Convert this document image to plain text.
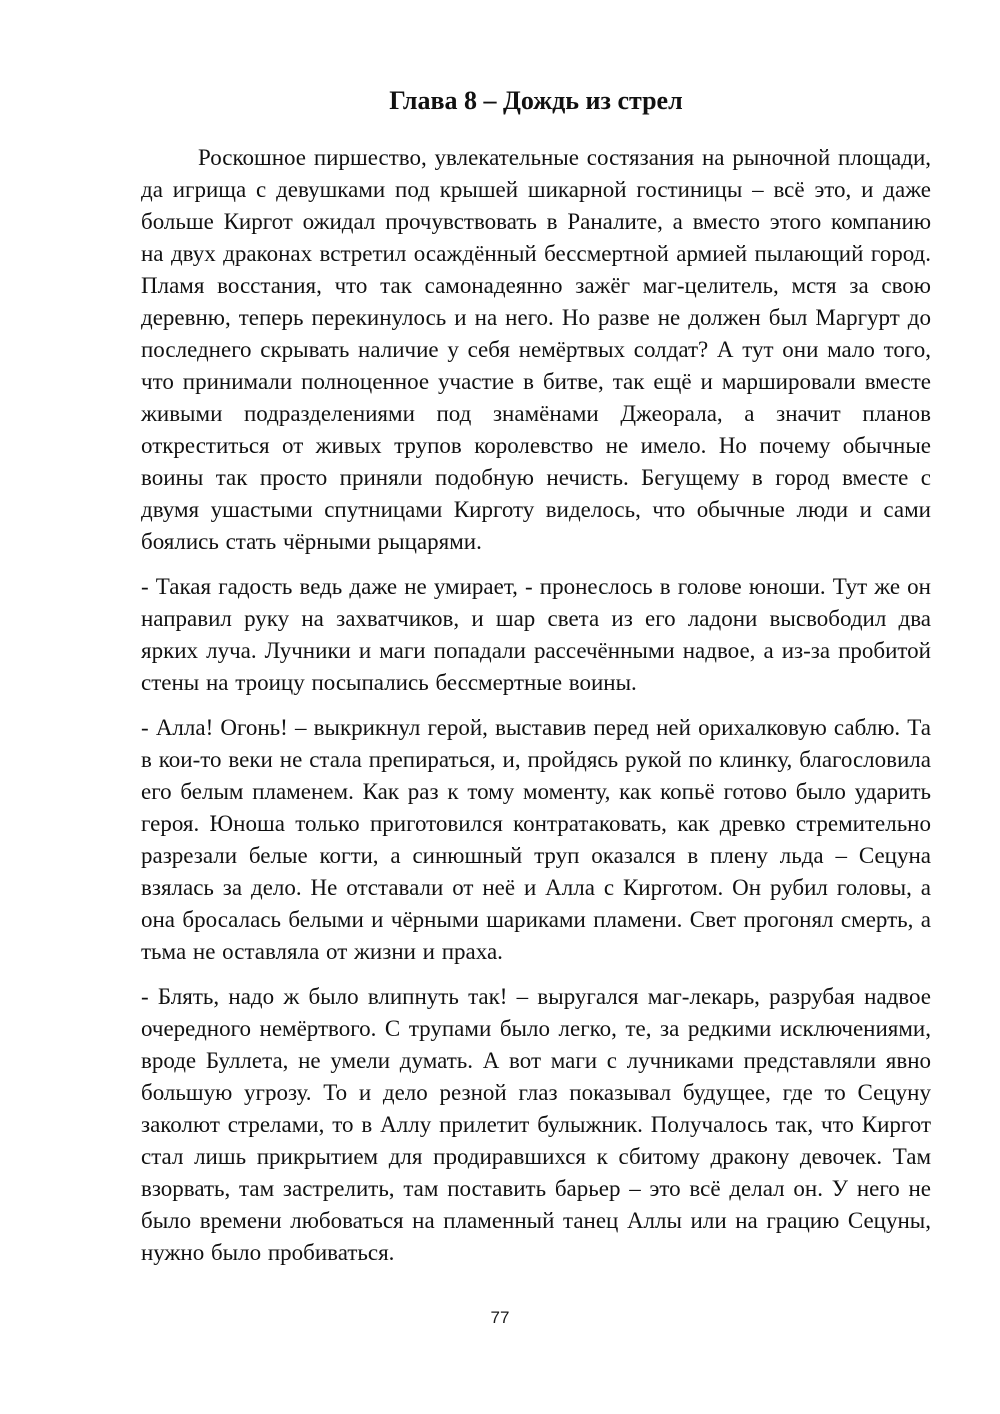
Глава 8 – Дождь из стрел

Роскошное пиршество, увлекательные состязания на рыночной площади, да игрища с девушками под крышей шикарной гостиницы – всё это, и даже больше Киргот ожидал прочувствовать в Раналите, а вместо этого компанию на двух драконах встретил осаждённый бессмертной армией пылающий город. Пламя восстания, что так самонадеянно зажёг маг-целитель, мстя за свою деревню, теперь перекинулось и на него. Но разве не должен был Маргурт до последнего скрывать наличие у себя немёртвых солдат? А тут они мало того, что принимали полноценное участие в битве, так ещё и маршировали вместе живыми подразделениями под знамёнами Джеорала, а значит планов откреститься от живых трупов королевство не имело. Но почему обычные воины так просто приняли подобную нечисть. Бегущему в город вместе с двумя ушастыми спутницами Кирготу виделось, что обычные люди и сами боялись стать чёрными рыцарями.

- Такая гадость ведь даже не умирает, - пронеслось в голове юноши. Тут же он направил руку на захватчиков, и шар света из его ладони высвободил два ярких луча. Лучники и маги попадали рассечёнными надвое, а из-за пробитой стены на троицу посыпались бессмертные воины.

- Алла! Огонь! – выкрикнул герой, выставив перед ней орихалковую саблю. Та в кои-то веки не стала препираться, и, пройдясь рукой по клинку, благословила его белым пламенем. Как раз к тому моменту, как копьё готово было ударить героя. Юноша только приготовился контратаковать, как древко стремительно разрезали белые когти, а синюшный труп оказался в плену льда – Сецуна взялась за дело. Не отставали от неё и Алла с Кирготом. Он рубил головы, а она бросалась белыми и чёрными шариками пламени. Свет прогонял смерть, а тьма не оставляла от жизни и праха.

- Блять, надо ж было влипнуть так! – выругался маг-лекарь, разрубая надвое очередного немёртвого. С трупами было легко, те, за редкими исключениями, вроде Буллета, не умели думать. А вот маги с лучниками представляли явно большую угрозу. То и дело резной глаз показывал будущее, где то Сецуну заколют стрелами, то в Аллу прилетит булыжник. Получалось так, что Киргот стал лишь прикрытием для продиравшихся к сбитому дракону девочек. Там взорвать, там застрелить, там поставить барьер – это всё делал он. У него не было времени любоваться на пламенный танец Аллы или на грацию Сецуны, нужно было пробиваться.

77
